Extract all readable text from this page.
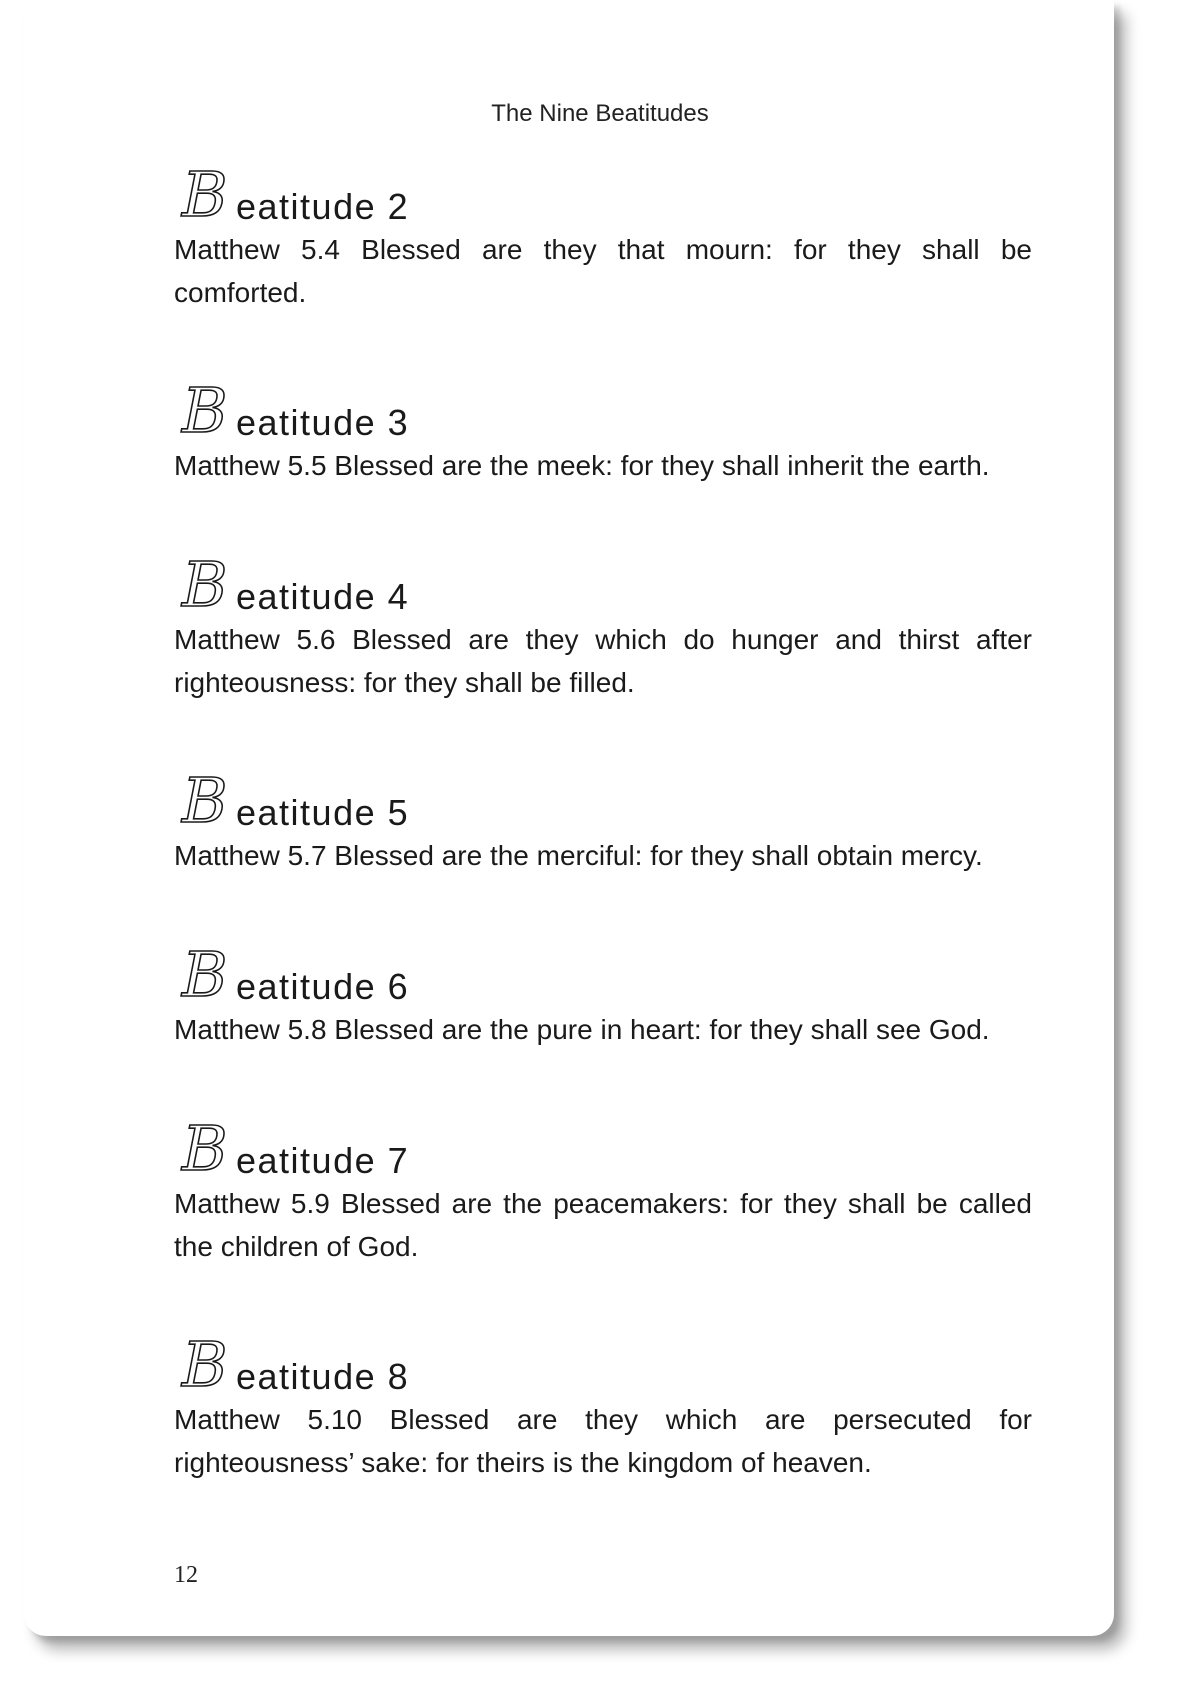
The Nine Beatitudes
B eatitude 2
Matthew 5.4 Blessed are they that mourn: for they shall be comforted.
B eatitude 3
Matthew 5.5 Blessed are the meek: for they shall inherit the earth.
B eatitude 4
Matthew 5.6 Blessed are they which do hunger and thirst after righteousness: for they shall be filled.
B eatitude 5
Matthew 5.7 Blessed are the merciful: for they shall obtain mercy.
B eatitude 6
Matthew 5.8 Blessed are the pure in heart: for they shall see God.
B eatitude 7
Matthew 5.9 Blessed are the peacemakers: for they shall be called the children of God.
B eatitude 8
Matthew 5.10 Blessed are they which are persecuted for righteousness’ sake: for theirs is the kingdom of heaven.
12
